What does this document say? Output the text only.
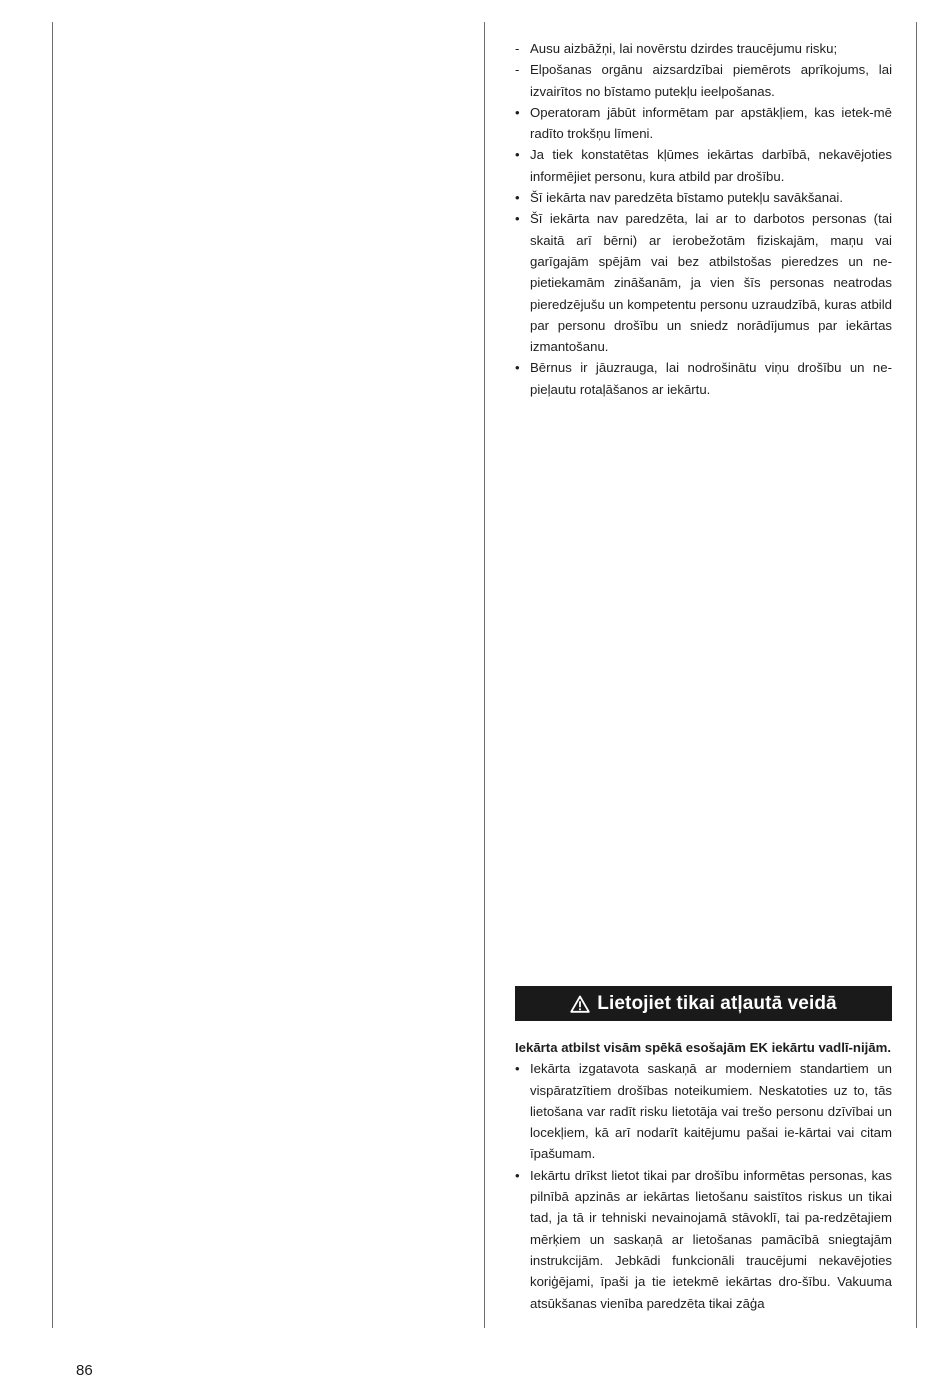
- Ausu aizbāžņi, lai novērstu dzirdes traucējumu risku;

- Elpošanas orgānu aizsardzībai piemērots aprīkojums, lai izvairītos no bīstamo putekļu ieelpošanas.

• Operatoram jābūt informētam par apstākļiem, kas ietek-mē radīto trokšņu līmeni.

• Ja tiek konstatētas kļūmes iekārtas darbībā, nekavējoties informējiet personu, kura atbild par drošību.

• Šī iekārta nav paredzēta bīstamo putekļu savākšanai.

• Šī iekārta nav paredzēta, lai ar to darbotos personas (tai skaitā arī bērni) ar ierobežotām fiziskajām, maņu vai garīgajām spējām vai bez atbilstošas pieredzes un ne-pietiekamām zināšanām, ja vien šīs personas neatrodas pieredzējušu un kompetentu personu uzraudzībā, kuras atbild par personu drošību un sniedz norādījumus par iekārtas izmantošanu.

• Bērnus ir jāuzrauga, lai nodrošinātu viņu drošību un ne-pieļautu rotaļāšanos ar iekārtu.

Lietojiet tikai atļautā veidā

Iekārta atbilst visām spēkā esošajām EK iekārtu vadlī-nijām.

• Iekārta izgatavota saskaņā ar moderniem standartiem un vispāratzītiem drošības noteikumiem. Neskatoties uz to, tās lietošana var radīt risku lietotāja vai trešo personu dzīvībai un locekļiem, kā arī nodarīt kaitējumu pašai ie-kārtai vai citam īpašumam.

• Iekārtu drīkst lietot tikai par drošību informētas personas, kas pilnībā apzinās ar iekārtas lietošanu saistītos riskus un tikai tad, ja tā ir tehniski nevainojamā stāvoklī, tai pa-redzētajiem mērķiem un saskaņā ar lietošanas pamācībā sniegtajām instrukcijām. Jebkādi funkcionāli traucējumi nekavējoties koriģējami, īpaši ja tie ietekmē iekārtas dro-šību. Vakuuma atsūkšanas vienība paredzēta tikai zāģa

86
